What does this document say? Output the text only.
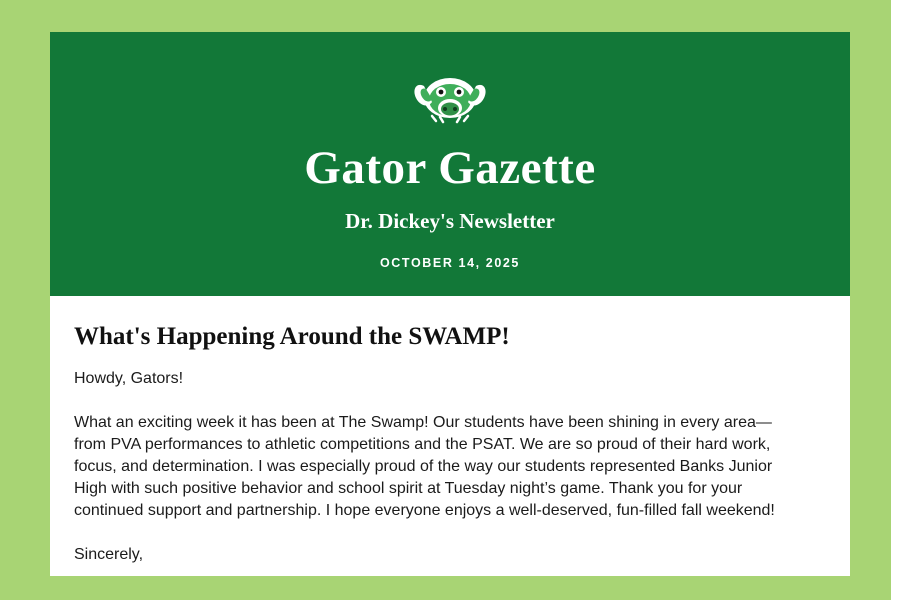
Gator Gazette
Dr. Dickey's Newsletter
OCTOBER 14, 2025
What's Happening Around the SWAMP!

Howdy, Gators!

What an exciting week it has been at The Swamp! Our students have been shining in every area—from PVA performances to athletic competitions and the PSAT. We are so proud of their hard work, focus, and determination. I was especially proud of the way our students represented Banks Junior High with such positive behavior and school spirit at Tuesday night’s game. Thank you for your continued support and partnership. I hope everyone enjoys a well-deserved, fun-filled fall weekend!

Sincerely,
